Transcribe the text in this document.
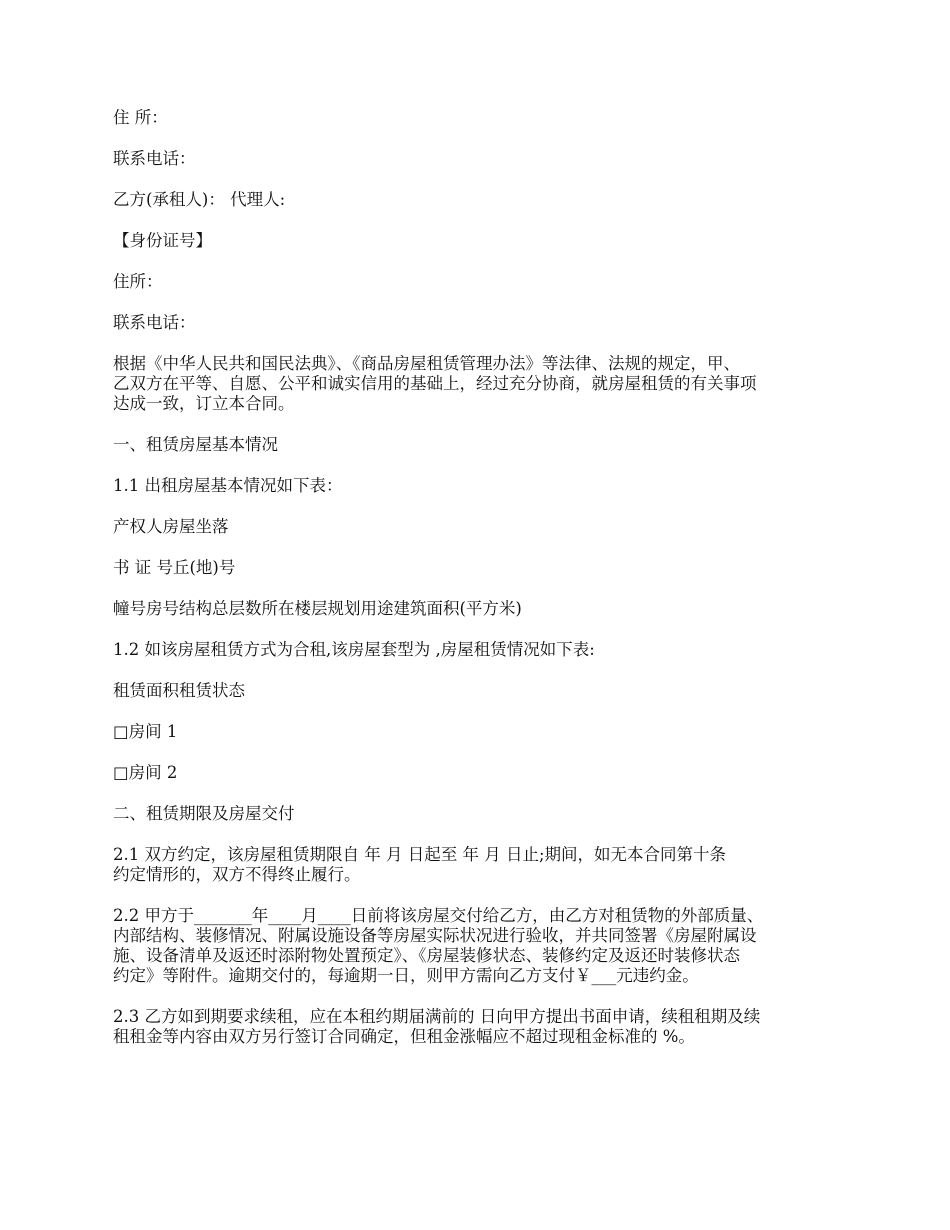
住 所：

联系电话：

乙方(承租人)： 代理人:

【身份证号】

住所：

联系电话：

根据《中华人民共和国民法典》、《商品房屋租赁管理办法》等法律、法规的规定，甲、
乙双方在平等、自愿、公平和诚实信用的基础上，经过充分协商，就房屋租赁的有关事项
达成一致，订立本合同。

一、租赁房屋基本情况

1.1 出租房屋基本情况如下表：

产权人房屋坐落

书 证 号丘(地)号

幢号房号结构总层数所在楼层规划用途建筑面积(平方米)

1.2 如该房屋租赁方式为合租,该房屋套型为 ,房屋租赁情况如下表:

租赁面积租赁状态

□房间 1

□房间 2

二、租赁期限及房屋交付

2.1 双方约定，该房屋租赁期限自 年 月 日起至 年 月 日止;期间，如无本合同第十条
约定情形的，双方不得终止履行。

2.2 甲方于_______年____月____日前将该房屋交付给乙方，由乙方对租赁物的外部质量、
内部结构、装修情况、附属设施设备等房屋实际状况进行验收，并共同签署《房屋附属设
施、设备清单及返还时添附物处置预定》、《房屋装修状态、装修约定及返还时装修状态
约定》等附件。逾期交付的，每逾期一日，则甲方需向乙方支付￥___元违约金。

2.3 乙方如到期要求续租，应在本租约期届满前的 日向甲方提出书面申请，续租租期及续
租租金等内容由双方另行签订合同确定，但租金涨幅应不超过现租金标准的 %。
